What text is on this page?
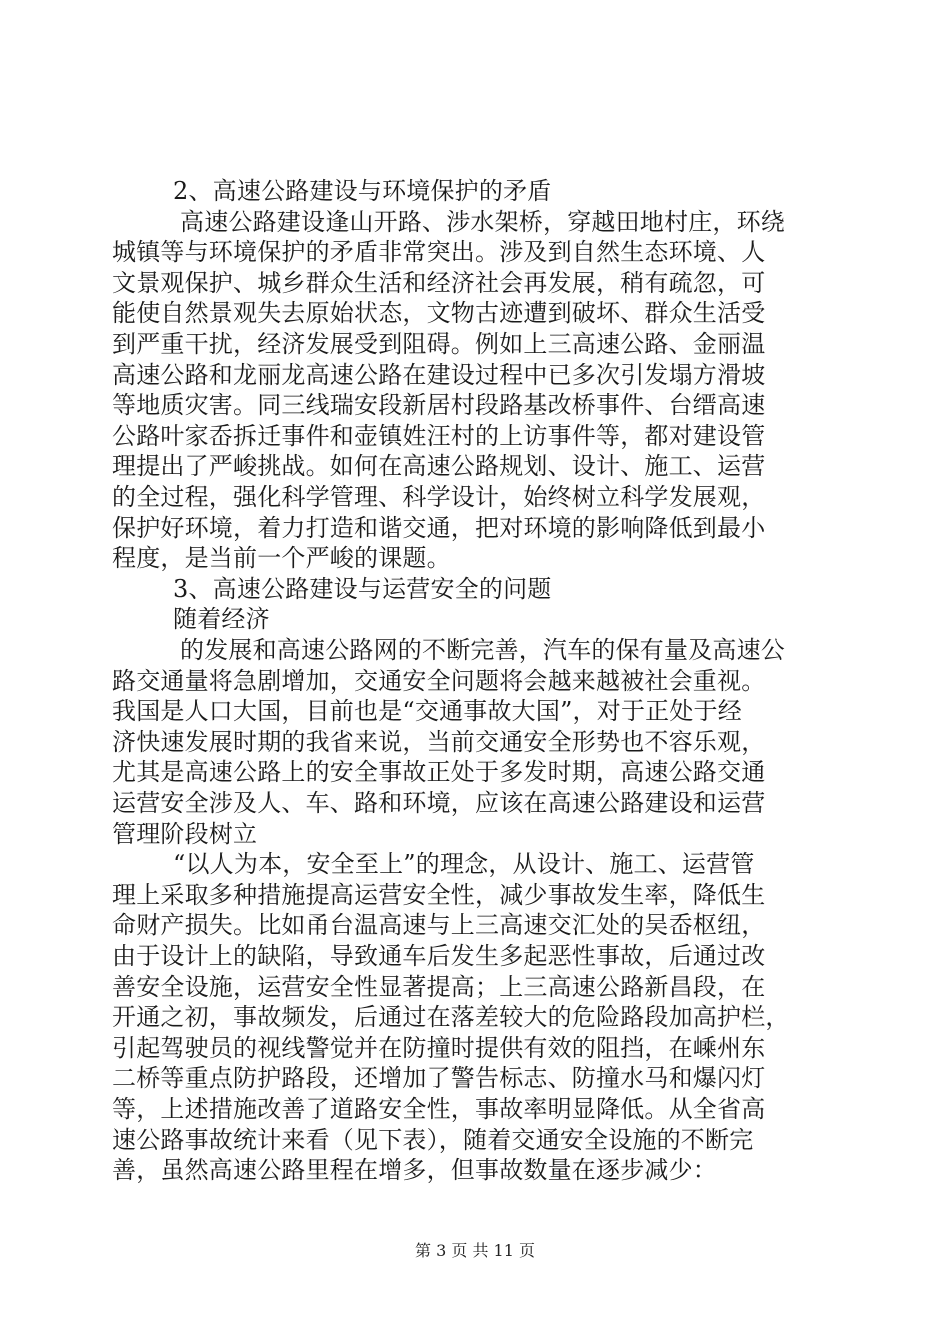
2、高速公路建设与环境保护的矛盾
高速公路建设逢山开路、涉水架桥，穿越田地村庄，环绕
城镇等与环境保护的矛盾非常突出。涉及到自然生态环境、人
文景观保护、城乡群众生活和经济社会再发展，稍有疏忽，可
能使自然景观失去原始状态，文物古迹遭到破坏、群众生活受
到严重干扰，经济发展受到阻碍。例如上三高速公路、金丽温
高速公路和龙丽龙高速公路在建设过程中已多次引发塌方滑坡
等地质灾害。同三线瑞安段新居村段路基改桥事件、台缙高速
公路叶家岙拆迁事件和壶镇姓汪村的上访事件等，都对建设管
理提出了严峻挑战。如何在高速公路规划、设计、施工、运营
的全过程，强化科学管理、科学设计，始终树立科学发展观，
保护好环境，着力打造和谐交通，把对环境的影响降低到最小
程度，是当前一个严峻的课题。
3、高速公路建设与运营安全的问题
随着经济
的发展和高速公路网的不断完善，汽车的保有量及高速公
路交通量将急剧增加，交通安全问题将会越来越被社会重视。
我国是人口大国，目前也是“交通事故大国”，对于正处于经
济快速发展时期的我省来说，当前交通安全形势也不容乐观，
尤其是高速公路上的安全事故正处于多发时期，高速公路交通
运营安全涉及人、车、路和环境，应该在高速公路建设和运营
管理阶段树立
“以人为本，安全至上”的理念，从设计、施工、运营管
理上采取多种措施提高运营安全性，减少事故发生率，降低生
命财产损失。比如甬台温高速与上三高速交汇处的吴岙枢纽，
由于设计上的缺陷，导致通车后发生多起恶性事故，后通过改
善安全设施，运营安全性显著提高；上三高速公路新昌段，在
开通之初，事故频发，后通过在落差较大的危险路段加高护栏，
引起驾驶员的视线警觉并在防撞时提供有效的阻挡，在嵊州东
二桥等重点防护路段，还增加了警告标志、防撞水马和爆闪灯
等，上述措施改善了道路安全性，事故率明显降低。从全省高
速公路事故统计来看（见下表），随着交通安全设施的不断完
善，虽然高速公路里程在增多，但事故数量在逐步减少：
第 3 页 共 11 页
